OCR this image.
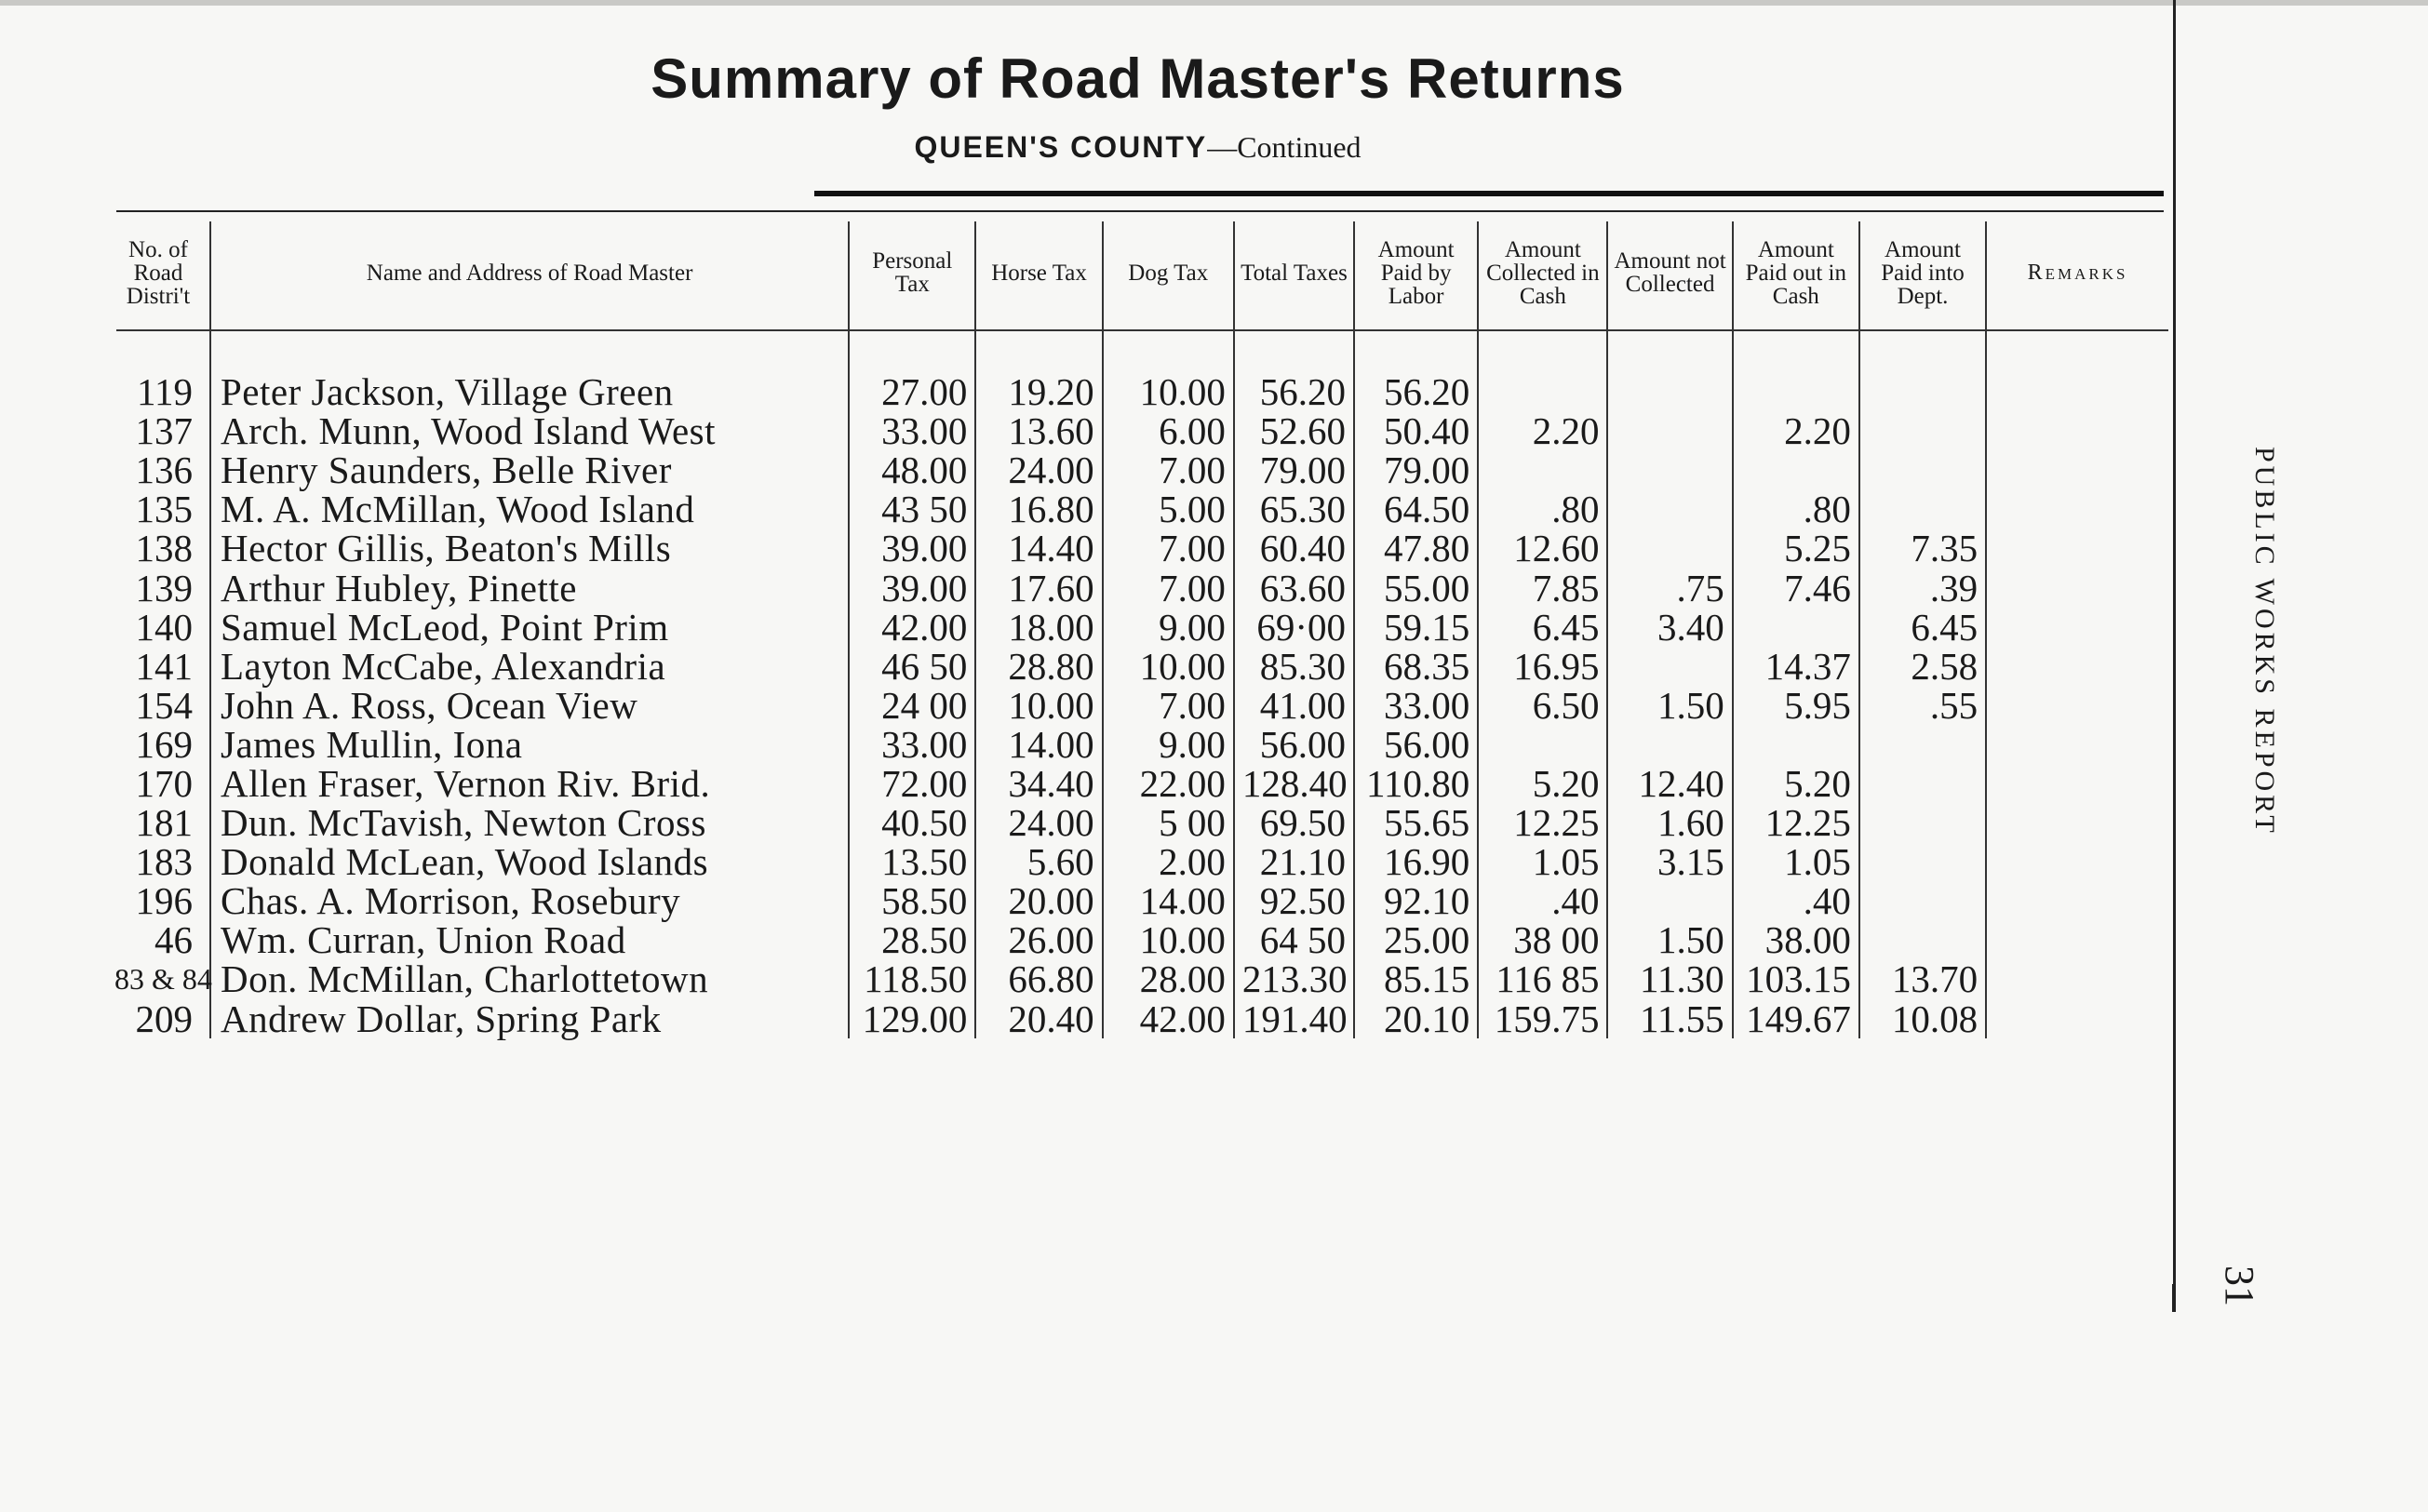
Summary of Road Master's Returns
QUEEN'S COUNTY—Continued
No. of Road Distri't	Name and Address of Road Master	Personal Tax	Horse Tax	Dog Tax	Total Taxes	Amount Paid by Labor	Amount Collected in Cash	Amount not Collected	Amount Paid out in Cash	Amount Paid into Dept.	Remarks

119	Peter Jackson, Village Green	27.00	19.20	10.00	56.20	56.20					
137	Arch. Munn, Wood Island West	33.00	13.60	6.00	52.60	50.40	2.20		2.20		
136	Henry Saunders, Belle River	48.00	24.00	7.00	79.00	79.00					
135	M. A. McMillan, Wood Island	43 50	16.80	5.00	65.30	64.50	.80		.80		
138	Hector Gillis, Beaton's Mills	39.00	14.40	7.00	60.40	47.80	12.60		5.25	7.35	
139	Arthur Hubley, Pinette	39.00	17.60	7.00	63.60	55.00	7.85	.75	7.46	.39	
140	Samuel McLeod, Point Prim	42.00	18.00	9.00	69·00	59.15	6.45	3.40		6.45	
141	Layton McCabe, Alexandria	46 50	28.80	10.00	85.30	68.35	16.95		14.37	2.58	
154	John A. Ross, Ocean View	24 00	10.00	7.00	41.00	33.00	6.50	1.50	5.95	.55	
169	James Mullin, Iona	33.00	14.00	9.00	56.00	56.00					
170	Allen Fraser, Vernon Riv. Brid.	72.00	34.40	22.00	128.40	110.80	5.20	12.40	5.20		
181	Dun. McTavish, Newton Cross	40.50	24.00	5 00	69.50	55.65	12.25	1.60	12.25		
183	Donald McLean, Wood Islands	13.50	5.60	2.00	21.10	16.90	1.05	3.15	1.05		
196	Chas. A. Morrison, Rosebury	58.50	20.00	14.00	92.50	92.10	.40		.40		
46	Wm. Curran, Union Road	28.50	26.00	10.00	64 50	25.00	38 00	1.50	38.00		
83 & 84	Don. McMillan, Charlottetown	118.50	66.80	28.00	213.30	85.15	116 85	11.30	103.15	13.70	
209	Andrew Dollar, Spring Park	129.00	20.40	42.00	191.40	20.10	159.75	11.55	149.67	10.08	
PUBLIC WORKS REPORT
31
